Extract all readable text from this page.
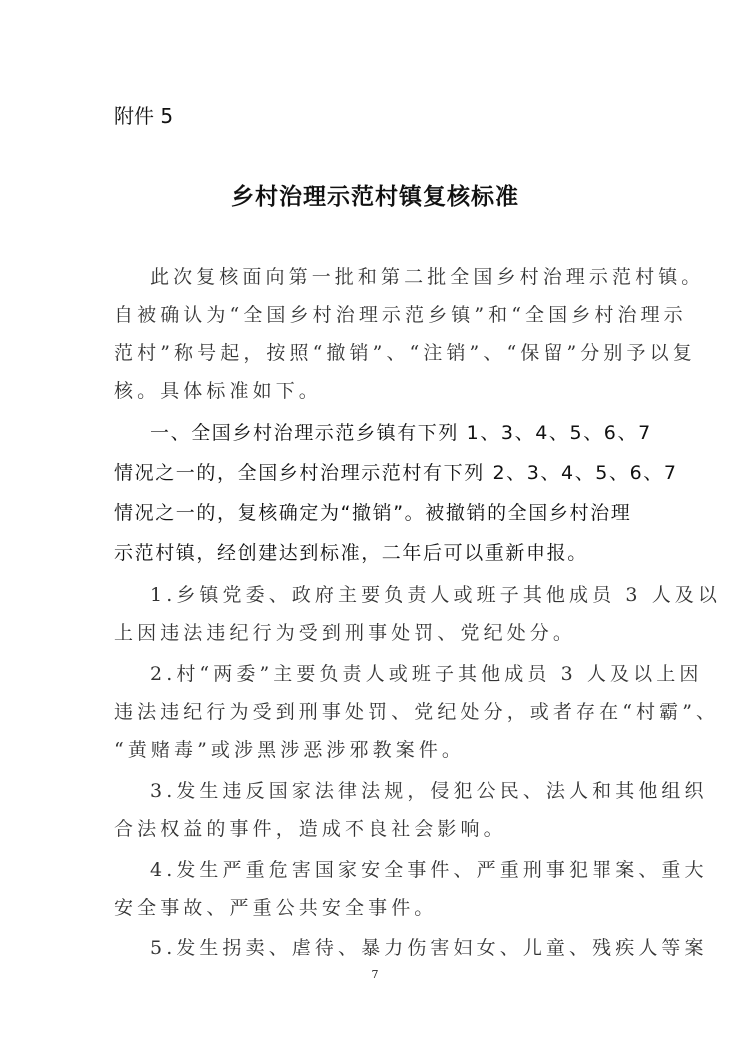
附件 5
乡村治理示范村镇复核标准
此次复核面向第一批和第二批全国乡村治理示范村镇。
自被确认为“全国乡村治理示范乡镇”和“全国乡村治理示
范村”称号起，按照“撤销”、“注销”、“保留”分别予以复
核。具体标准如下。
一、全国乡村治理示范乡镇有下列 1、3、4、5、6、7
情况之一的，全国乡村治理示范村有下列 2、3、4、5、6、7
情况之一的，复核确定为“撤销”。被撤销的全国乡村治理
示范村镇，经创建达到标准，二年后可以重新申报。
1.乡镇党委、政府主要负责人或班子其他成员 3 人及以
上因违法违纪行为受到刑事处罚、党纪处分。
2.村“两委”主要负责人或班子其他成员 3 人及以上因
违法违纪行为受到刑事处罚、党纪处分，或者存在“村霸”、
“黄赌毒”或涉黑涉恶涉邪教案件。
3.发生违反国家法律法规，侵犯公民、法人和其他组织
合法权益的事件，造成不良社会影响。
4.发生严重危害国家安全事件、严重刑事犯罪案、重大
安全事故、严重公共安全事件。
5.发生拐卖、虐待、暴力伤害妇女、儿童、残疾人等案
7
